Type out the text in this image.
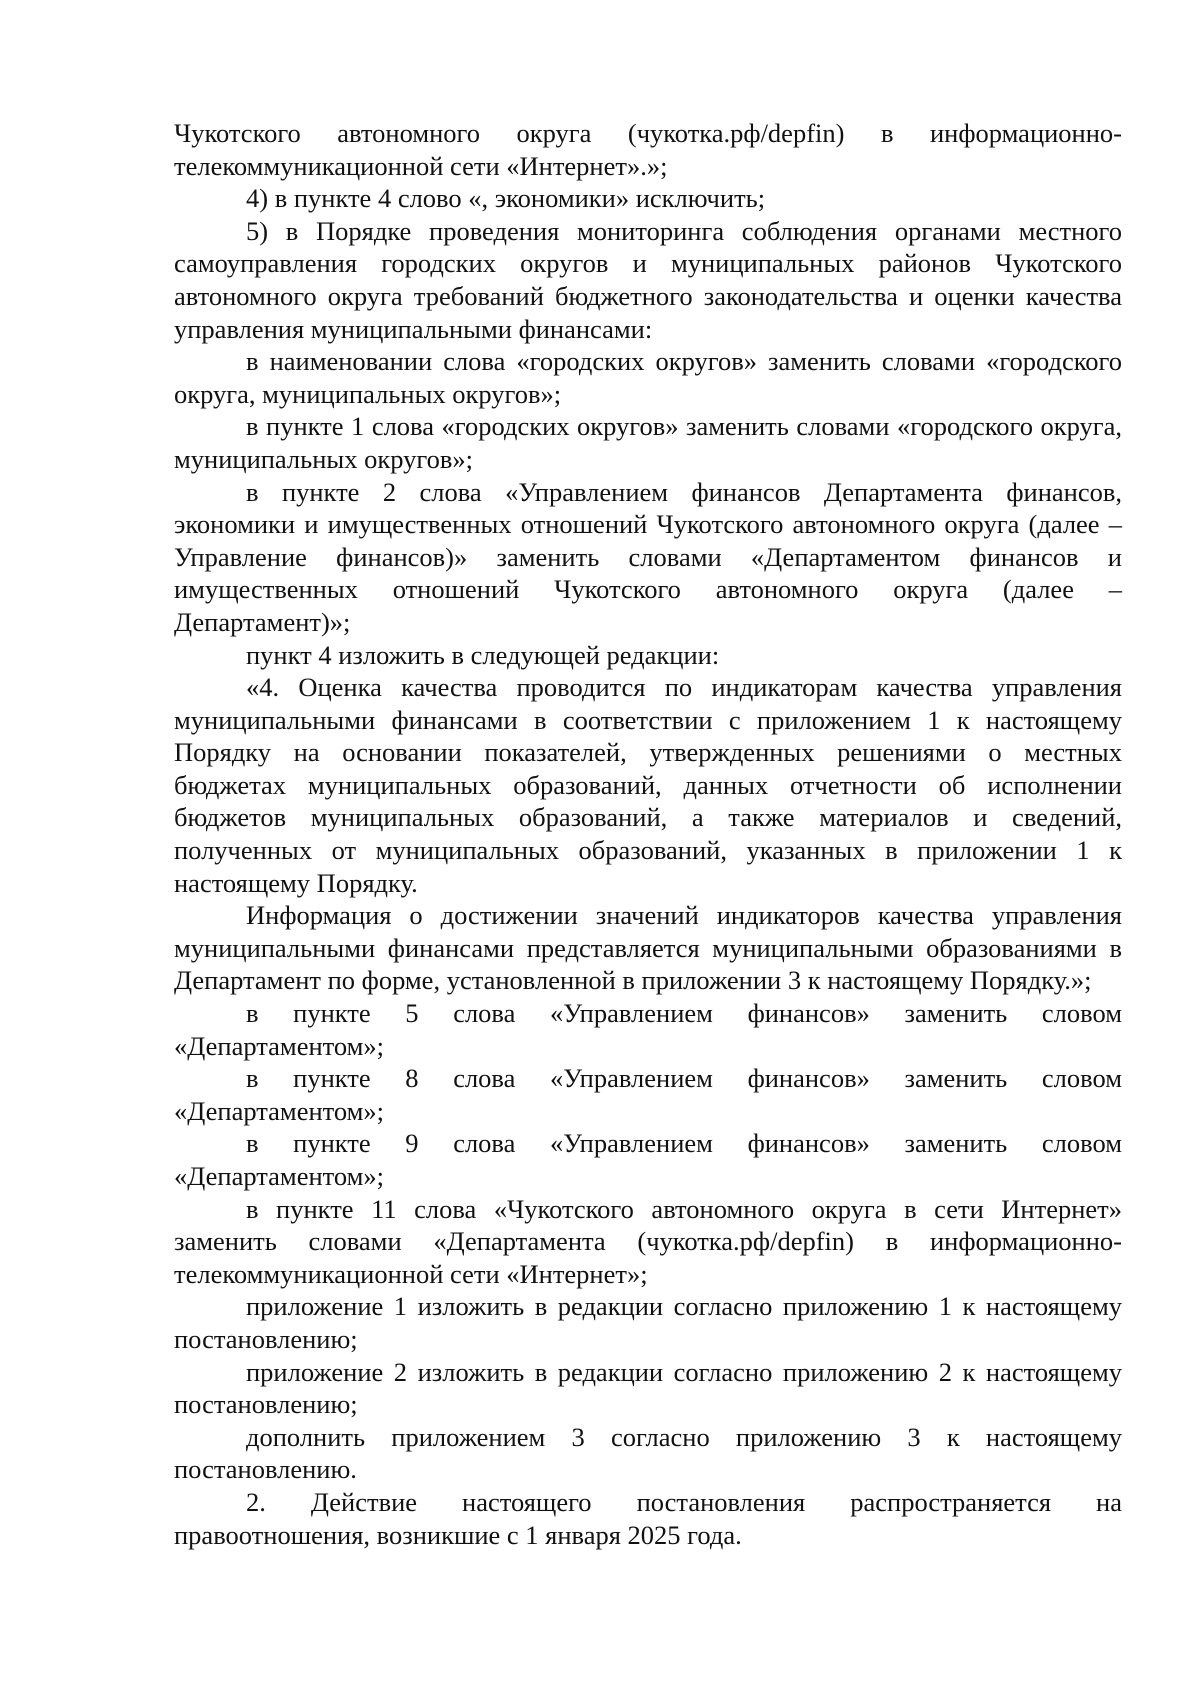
Чукотского автономного округа (чукотка.рф/depfin) в информационно-телекоммуникационной сети «Интернет».»;

4) в пункте 4 слово «, экономики» исключить;

5) в Порядке проведения мониторинга соблюдения органами местного самоуправления городских округов и муниципальных районов Чукотского автономного округа требований бюджетного законодательства и оценки качества управления муниципальными финансами:

в наименовании слова «городских округов» заменить словами «городского округа, муниципальных округов»;

в пункте 1 слова «городских округов» заменить словами «городского округа, муниципальных округов»;

в пункте 2 слова «Управлением финансов Департамента финансов, экономики и имущественных отношений Чукотского автономного округа (далее – Управление финансов)» заменить словами «Департаментом финансов и имущественных отношений Чукотского автономного округа (далее – Департамент)»;

пункт 4 изложить в следующей редакции:

«4. Оценка качества проводится по индикаторам качества управления муниципальными финансами в соответствии с приложением 1 к настоящему Порядку на основании показателей, утвержденных решениями о местных бюджетах муниципальных образований, данных отчетности об исполнении бюджетов муниципальных образований, а также материалов и сведений, полученных от муниципальных образований, указанных в приложении 1 к настоящему Порядку.

Информация о достижении значений индикаторов качества управления муниципальными финансами представляется муниципальными образованиями в Департамент по форме, установленной в приложении 3 к настоящему Порядку.»;

в пункте 5 слова «Управлением финансов» заменить словом «Департаментом»;

в пункте 8 слова «Управлением финансов» заменить словом «Департаментом»;

в пункте 9 слова «Управлением финансов» заменить словом «Департаментом»;

в пункте 11 слова «Чукотского автономного округа в сети Интернет» заменить словами «Департамента (чукотка.рф/depfin) в информационно-телекоммуникационной сети «Интернет»;

приложение 1 изложить в редакции согласно приложению 1 к настоящему постановлению;

приложение 2 изложить в редакции согласно приложению 2 к настоящему постановлению;

дополнить приложением 3 согласно приложению 3 к настоящему постановлению.

2. Действие настоящего постановления распространяется на правоотношения, возникшие с 1 января 2025 года.
